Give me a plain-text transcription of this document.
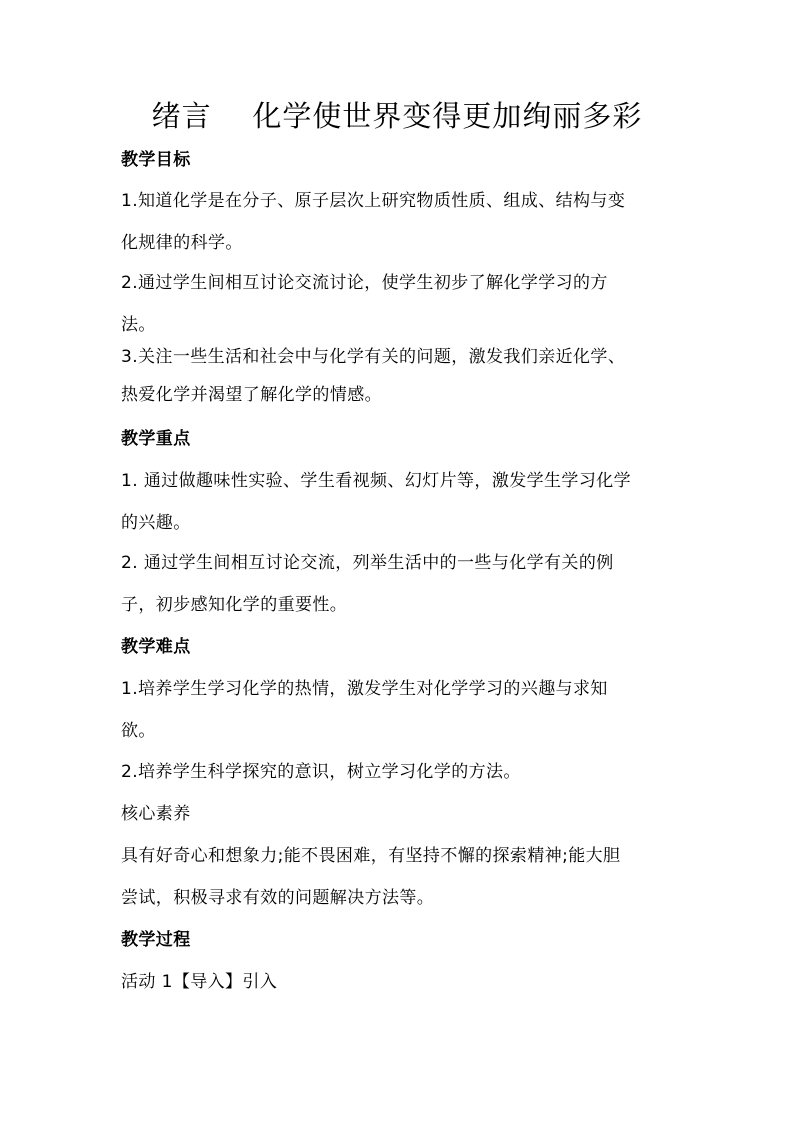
绪言    化学使世界变得更加绚丽多彩
教学目标
1.知道化学是在分子、原子层次上研究物质性质、组成、结构与变
化规律的科学。
2.通过学生间相互讨论交流讨论，使学生初步了解化学学习的方
法。
3.关注一些生活和社会中与化学有关的问题，激发我们亲近化学、
热爱化学并渴望了解化学的情感。
教学重点
1. 通过做趣味性实验、学生看视频、幻灯片等，激发学生学习化学
的兴趣。
2. 通过学生间相互讨论交流，列举生活中的一些与化学有关的例
子，初步感知化学的重要性。
教学难点
1.培养学生学习化学的热情，激发学生对化学学习的兴趣与求知
欲。
2.培养学生科学探究的意识，树立学习化学的方法。
核心素养
具有好奇心和想象力;能不畏困难，有坚持不懈的探索精神;能大胆
尝试，积极寻求有效的问题解决方法等。
教学过程
活动 1【导入】引入
